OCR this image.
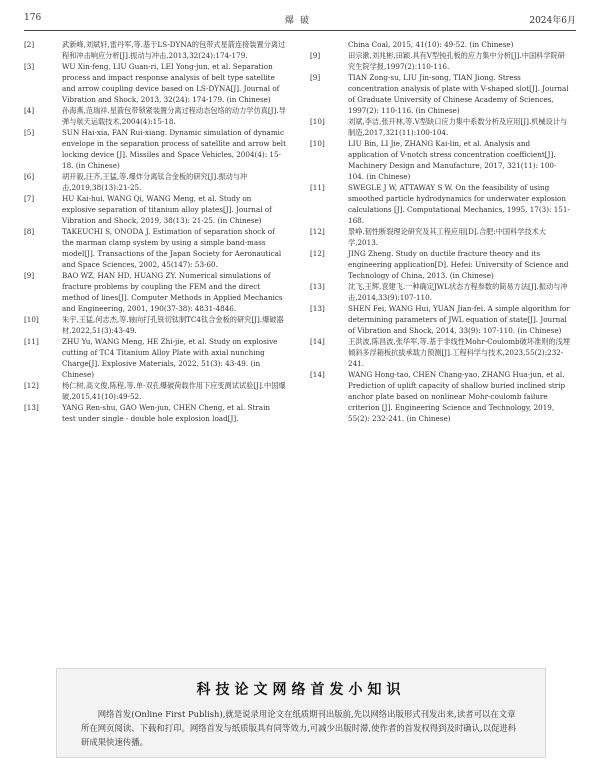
176	爆破	2024年6月
[2]	武新峰,刘斌轩,雷丹军,等.基于LS-DYNA的包带式星箭连接装置分离过程和冲击响应分析[J].振动与冲击,2013,32(24):174-179.
[3]	WU Xin-feng, LIU Guan-ri, LEI Yong-jun, et al. Separation process and impact response analysis of belt type satellite and arrow coupling device based on LS-DYNA[J]. Journal of Vibration and Shock, 2013, 32(24): 174-179. (in Chinese)
[4]	孙海燕,范瑞祥.星箭包带锁紧装置分离过程动态包络的动力学仿真[J].导弹与航天运载技术,2004(4):15-18.
[5]	SUN Hai-xia, FAN Rui-xiang. Dynamic simulation of dynamic envelope in the separation process of satellite and arrow belt locking device [J]. Missiles and Space Vehicles, 2004(4): 15-18. (in Chinese)
[6]	胡开毅,汪齐,王猛,等.爆炸分离钛合金板的研究[J].振动与冲击,2019,38(13):21-25.
[7]	HU Kai-hui, WANG Qi, WANG Meng, et al. Study on explosive separation of titanium alloy plates[J]. Journal of Vibration and Shock, 2019, 38(13): 21-25. (in Chinese)
[8]	TAKEUCHI S, ONODA J. Estimation of separation shock of the marman clamp system by using a simple band-mass model[J]. Transactions of the Japan Society for Aeronautical and Space Sciences, 2002, 45(147): 53-60.
[9]	BAO WZ, HAN HD, HUANG ZY. Numerical simulations of fracture problems by coupling the FEM and the direct method of lines[J]. Computer Methods in Applied Mechanics and Engineering, 2001, 190(37-38): 4831-4846.
[10]	朱宇,王猛,何志杰,等.轴向打孔铣切钛制TC4钛合金板的研究[J].爆破器材,2022,51(3):43-49.
[11]	ZHU Yu, WANG Meng, HE Zhi-jie, et al. Study on explosive cutting of TC4 Titanium Alloy Plate with axial nunching Charge[J]. Explosive Materials, 2022, 51(3): 43-49. (in Chinese)
[12]	杨仁树,高文俊,陈程,等.单-双孔爆破荷载作用下应变测试试验[J].中国爆破,2015,41(10):49-52.
[13]	YANG Ren-shu, GAO Wen-jun, CHEN Cheng, et al. Strain test under single - double hole explosion load[J].
China Coal, 2015, 41(10): 49-52. (in Chinese)
[9]	田宗漱,刘兆彬,田颖.具有V型钝孔板的应力集中分析[J].中国科学院研究生院学报,1997(2):110-116.
[9]	TIAN Zong-su, LIU Jin-song, TIAN Jiong. Stress concentration analysis of plate with V-shaped slot[J]. Journal of Graduate University of Chinese Academy of Sciences, 1997(2): 110-116. (in Chinese)
[10]	刘斌,李洁,张开林,等.V型缺口应力集中系数分析及应用[J].机械设计与制造,2017,321(11):100-104.
[10]	LIU Bin, LI Jie, ZHANG Kai-lin, et al. Analysis and application of V-notch stress concentration coefficient[J]. Machinery Design and Manufacture, 2017, 321(11): 100-104. (in Chinese)
[11]	SWEGLE J W, ATTAWAY S W. On the feasibility of using smoothed particle hydrodynamics for underwater explosion calculations [J]. Computational Mechanics, 1995, 17(3): 151-168.
[12]	景峥.韧性断裂理论研究及其工程应用[D].合肥:中国科学技术大学,2013.
[12]	JING Zheng. Study on ductile fracture theory and its engineering application[D]. Hefei: University of Science and Technology of China, 2013. (in Chinese)
[13]	沈飞,王辉,袁建飞.一种确定JWL状态方程参数的简易方法[J].振动与冲击,2014,33(9):107-110.
[13]	SHEN Fei, WANG Hui, YUAN Jian-fei. A simple algorithm for determining parameters of JWL equation of state[J]. Journal of Vibration and Shock, 2014, 33(9): 107-110. (in Chinese)
[14]	王洪波,陈昌波,张华军,等.基于非线性Mohr-Coulomb破坏准则的浅埋倾斜多浮箱板抗拔承载力预测[J].工程科学与技术,2023,55(2):232-241.
[14]	WANG Hong-tao, CHEN Chang-yao, ZHANG Hua-jun, et al. Prediction of uplift capacity of shallow buried inclined strip anchor plate based on nonlinear Mohr-coulomb failure criterion [J]. Engineering Science and Technology, 2019, 55(2): 232-241. (in Chinese)
科技论文网络首发小知识
网络首发(Online First Publish),就是说录用论文在纸质期刊出版前,先以网络出版形式刊发出来,读者可以在文章所在网页阅读、下载和打印。网络首发与纸质版具有同等效力,可减少出版时滞,使作者的首发权得到及时确认,以促进科研成果快速传播。
